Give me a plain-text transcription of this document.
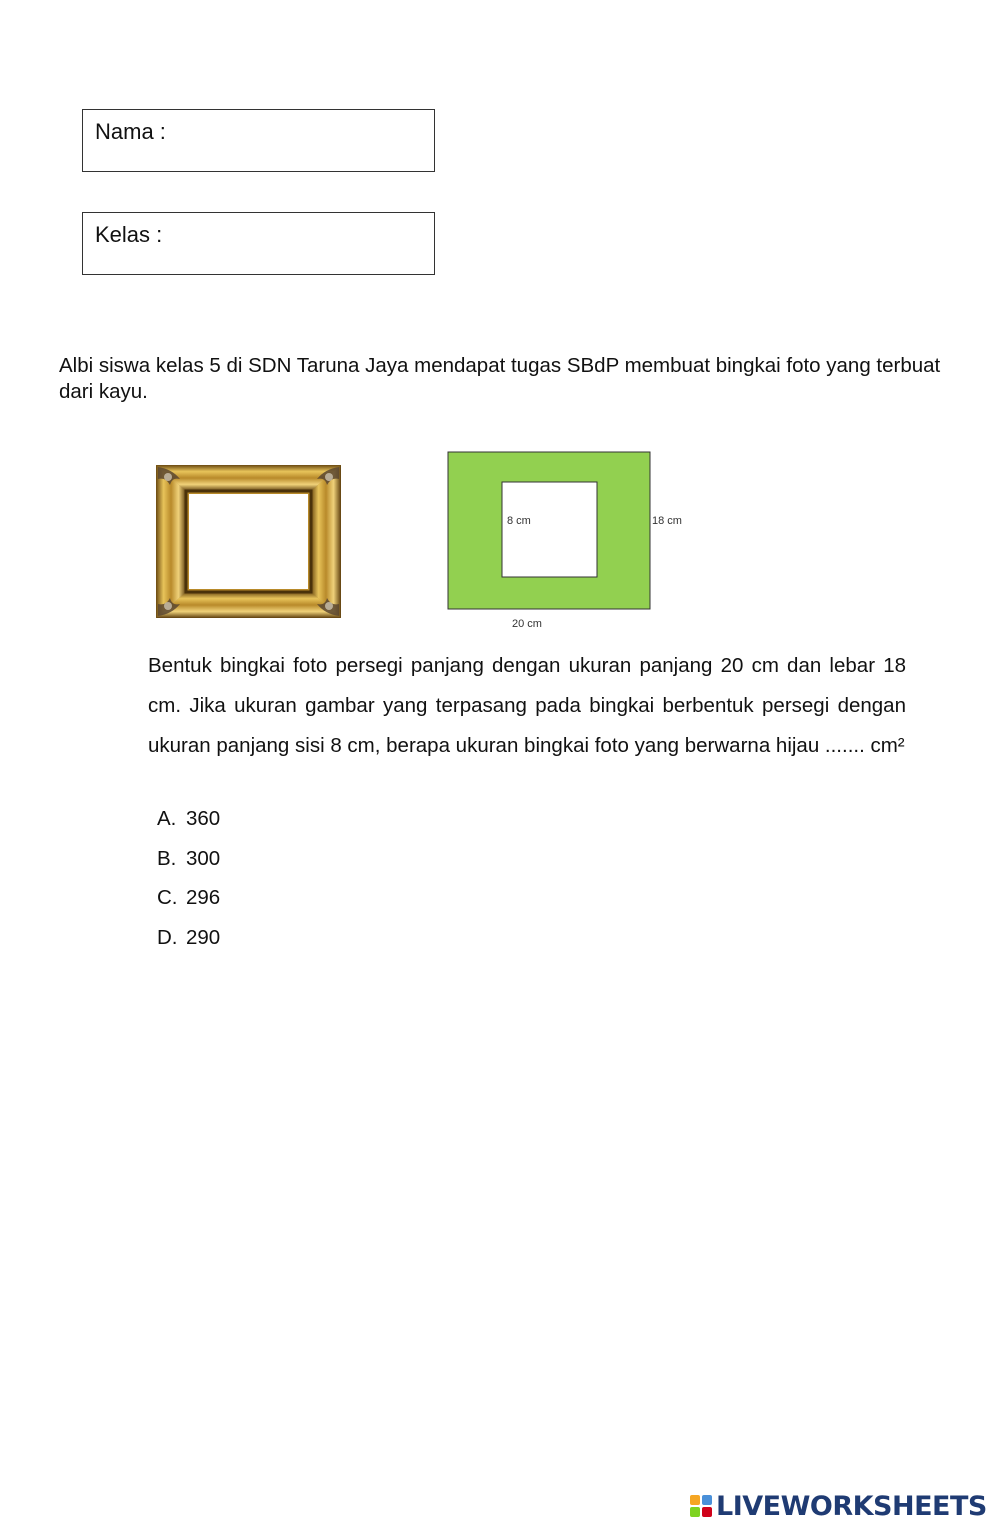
Nama :
Kelas :
Albi siswa kelas 5 di SDN Taruna Jaya mendapat tugas SBdP membuat bingkai foto yang terbuat dari kayu.
8 cm	18 cm
20 cm
Bentuk bingkai foto persegi panjang dengan ukuran panjang 20 cm dan lebar 18 cm. Jika ukuran gambar yang terpasang pada bingkai berbentuk persegi dengan ukuran panjang sisi 8 cm, berapa ukuran bingkai foto yang berwarna hijau ....... cm²
A. 360
B. 300
C. 296
D. 290
LIVEWORKSHEETS
